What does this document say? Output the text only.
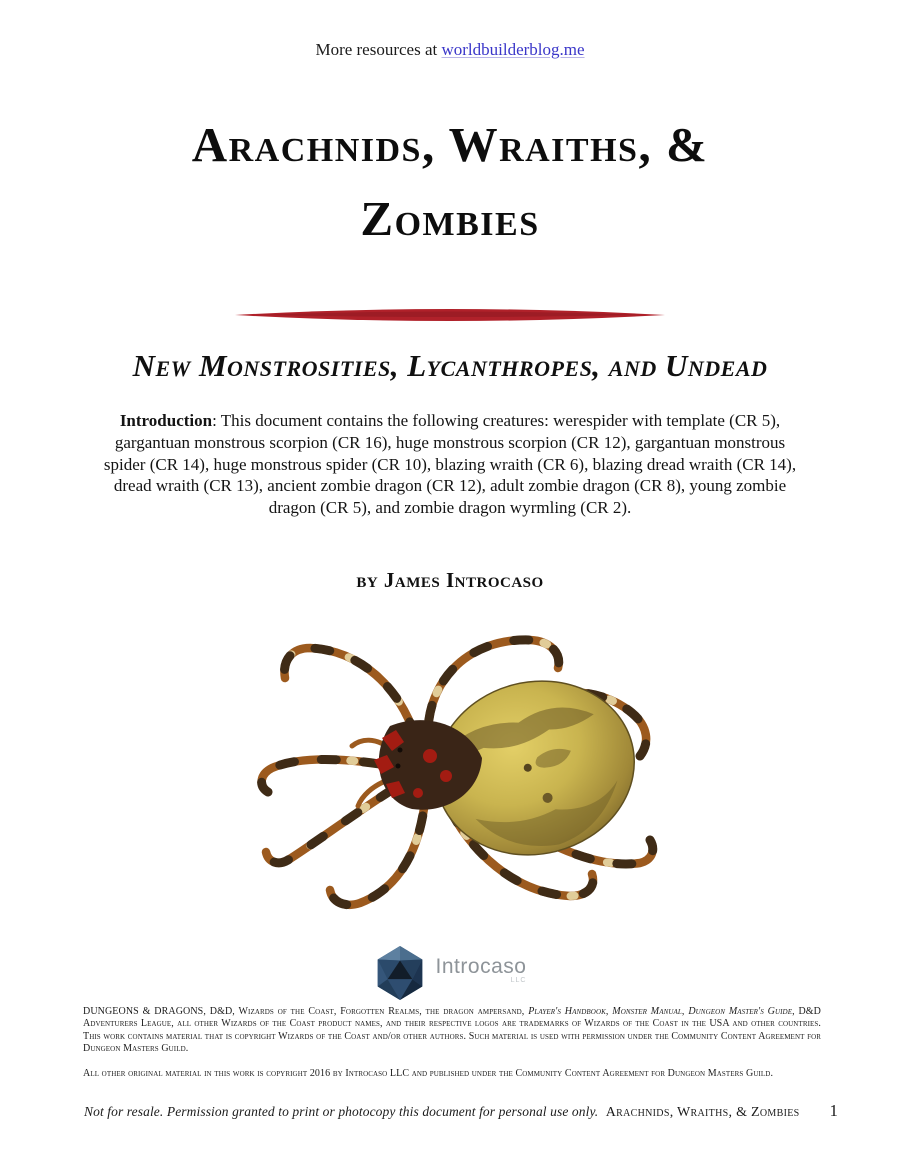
More resources at worldbuilderblog.me
Arachnids, Wraiths, &
Zombies
New Monstrosities, Lycanthropes, and Undead

Introduction: This document contains the following creatures: werespider with template (CR 5), gargantuan monstrous scorpion (CR 16), huge monstrous scorpion (CR 12), gargantuan monstrous spider (CR 14), huge monstrous spider (CR 10), blazing wraith (CR 6), blazing dread wraith (CR 14), dread wraith (CR 13), ancient zombie dragon (CR 12), adult zombie dragon (CR 8), young zombie dragon (CR 5), and zombie dragon wyrmling (CR 2).

by James Introcaso
Introcaso
LLC

DUNGEONS & DRAGONS, D&D, Wizards of the Coast, Forgotten Realms, the dragon ampersand, Player's Handbook, Monster Manual, Dungeon Master's Guide, D&D Adventurers League, all other Wizards of the Coast product names, and their respective logos are trademarks of Wizards of the Coast in the USA and other countries. This work contains material that is copyright Wizards of the Coast and/or other authors. Such material is used with permission under the Community Content Agreement for Dungeon Masters Guild.

All other original material in this work is copyright 2016 by Introcaso LLC and published under the Community Content Agreement for Dungeon Masters Guild.

Not for resale. Permission granted to print or photocopy this document for personal use only. Arachnids, Wraiths, & Zombies 1
